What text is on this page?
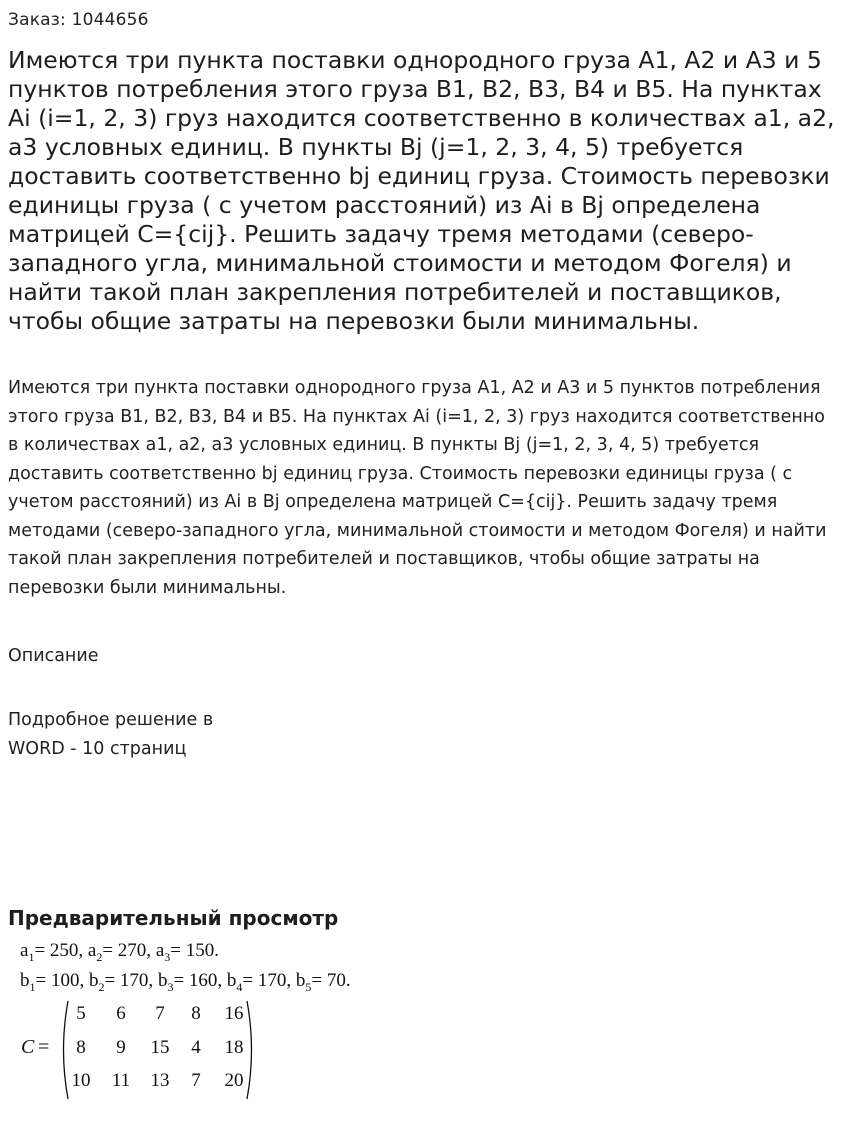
Заказ: 1044656
Имеются три пункта поставки однородного груза А1, А2 и А3 и 5 пунктов потребления этого груза В1, В2, В3, В4 и В5. На пунктах Аi (i=1, 2, 3) груз находится соответственно в количествах а1, а2, а3 условных единиц. В пункты Вj (j=1, 2, 3, 4, 5) требуется доставить соответственно bj единиц груза. Стоимость перевозки единицы груза ( с учетом расстояний) из Ai в Bj определена матрицей С={cij}. Решить задачу тремя методами (северо-западного угла, минимальной стоимости и методом Фогеля) и найти такой план закрепления потребителей и поставщиков, чтобы общие затраты на перевозки были минимальны.

Имеются три пункта поставки однородного груза А1, А2 и А3 и 5 пунктов потребления этого груза В1, В2, В3, В4 и В5. На пунктах Аi (i=1, 2, 3) груз находится соответственно в количествах а1, а2, а3 условных единиц. В пункты Вj (j=1, 2, 3, 4, 5) требуется доставить соответственно bj единиц груза. Стоимость перевозки единицы груза ( с учетом расстояний) из Ai в Bj определена матрицей С={cij}. Решить задачу тремя методами (северо-западного угла, минимальной стоимости и методом Фогеля) и найти такой план закрепления потребителей и поставщиков, чтобы общие затраты на перевозки были минимальны.

Описание
Подробное решение в
WORD - 10 страниц
Предварительный просмотр
$a_1= 250$, $a_2= 270$, $a_3= 150$.
$b_1= 100$, $b_2= 170$, $b_3= 160$, $b_4= 170$, $b_5= 70$.
C =
5	6	7	8	16
8	9	15	4	18
10	11	13	7	20
